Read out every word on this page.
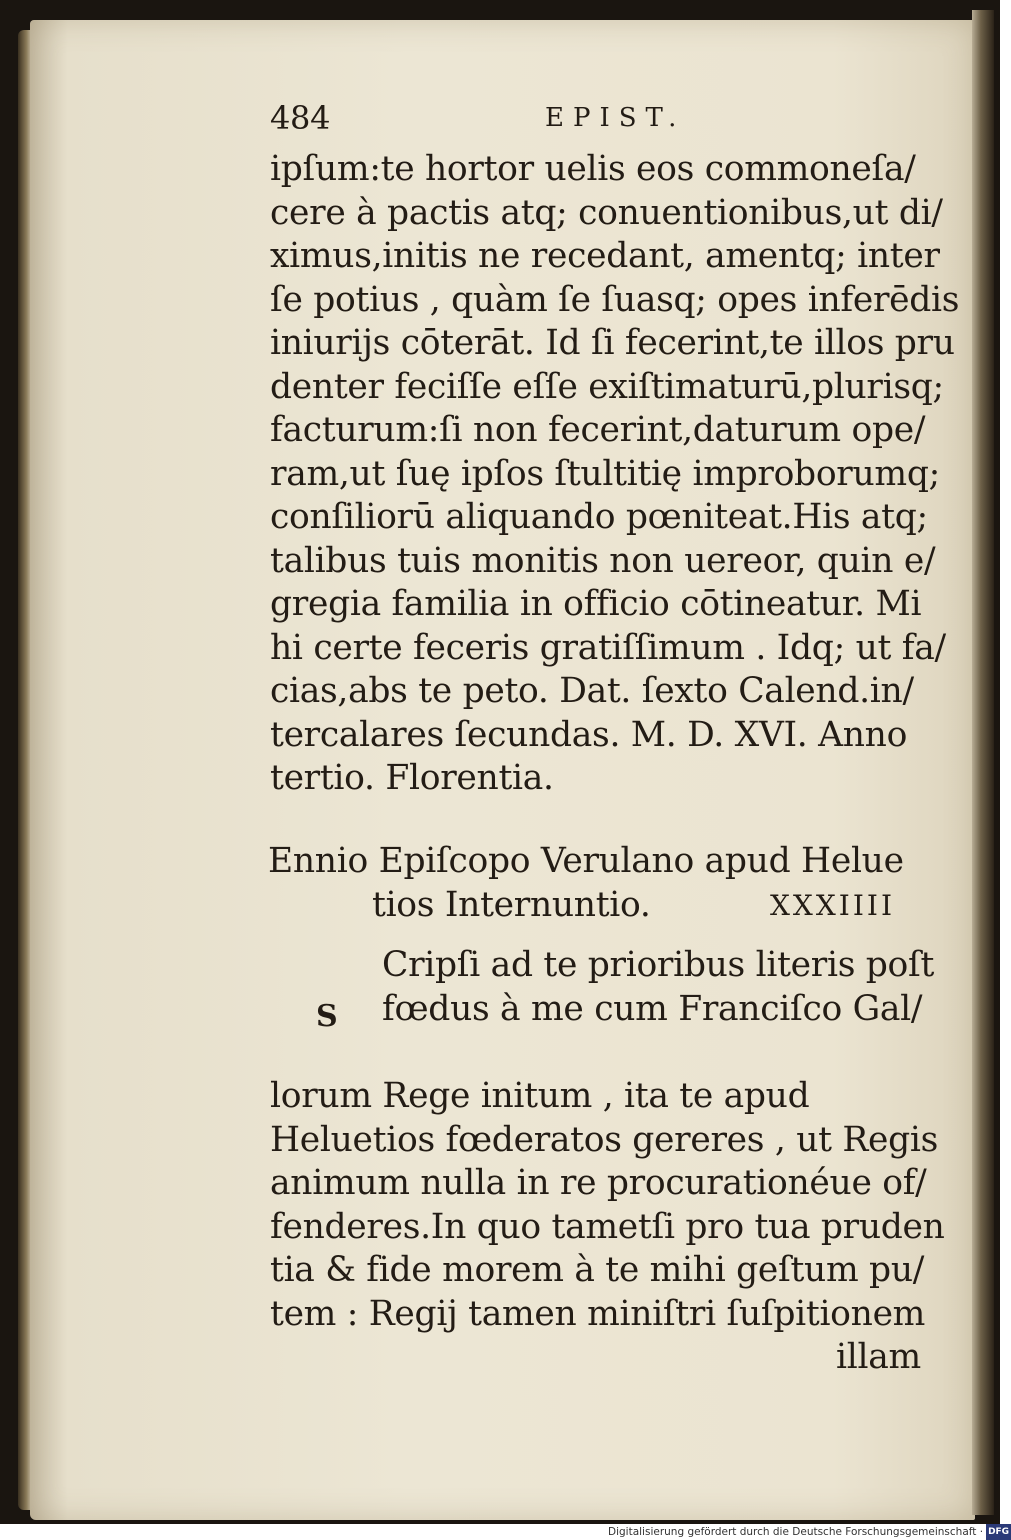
484	EPIST.
ipſum:te hortor uelis eos commoneſa/
cere à pactis atq; conuentionibus,ut di/
ximus,initis ne recedant, amentq; inter
ſe potius , quàm ſe ſuasq; opes inferēdis
iniurijs cōterāt. Id ſi fecerint,te illos pru
denter feciſſe eſſe exiſtimaturū,plurisq;
facturum:ſi non fecerint,daturum ope/
ram,ut ſuę ipſos ſtultitię improborumq;
conſiliorū aliquando pœniteat.His atq;
talibus tuis monitis non uereor, quin e/
gregia familia in officio cōtineatur. Mi
hi certe feceris gratiſſimum . Idq; ut fa/
cias,abs te peto. Dat. ſexto Calend.in/
tercalares ſecundas. M. D. XVI. Anno
tertio. Florentia.
Ennio Epiſcopo Verulano apud Helue
tios Internuntio.	XXXIIII
S
Cripſi ad te prioribus literis poſt
fœdus à me cum Franciſco Gal/
lorum Rege initum , ita te apud
Heluetios fœderatos gereres , ut Regis
animum nulla in re procurationéue of/
fenderes.In quo tametſi pro tua pruden
tia & fide morem à te mihi geſtum pu/
tem : Regij tamen miniſtri ſuſpitionem
illam
Digitalisierung gefördert durch die Deutsche Forschungsgemeinschaft · DFG
